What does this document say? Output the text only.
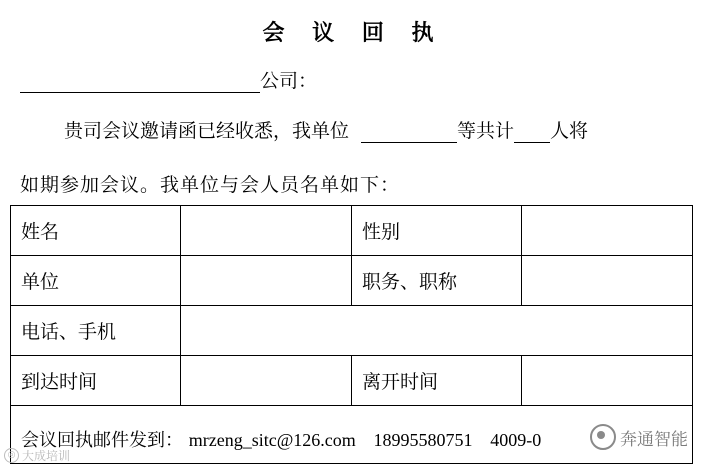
会 议 回 执
公司：
贵司会议邀请函已经收悉，我单位	等共计 人将
如期参加会议。我单位与会人员名单如下：
姓名		性别	
单位		职务、职称	
电话、手机			
到达时间		离开时间	
会议回执邮件发到： mrzeng_sitc@126.com 18995580751 4009-0			
◎ 大成培训
奔通智能
